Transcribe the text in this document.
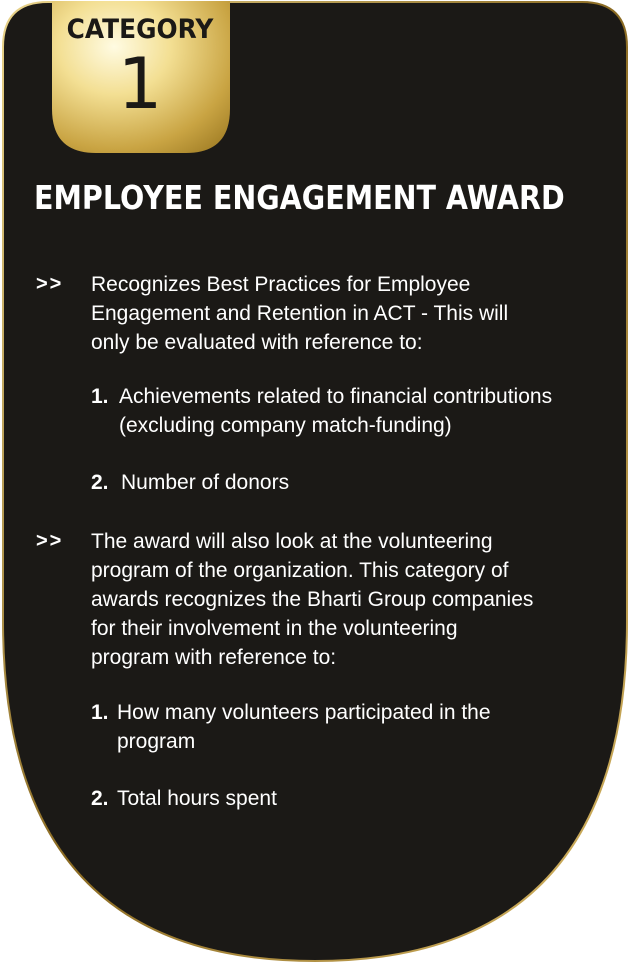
CATEGORY
1
EMPLOYEE ENGAGEMENT AWARD
>> Recognizes Best Practices for Employee
Engagement and Retention in ACT - This will
only be evaluated with reference to:
1. Achievements related to financial contributions
(excluding company match-funding)
2. Number of donors
>> The award will also look at the volunteering
program of the organization. This category of
awards recognizes the Bharti Group companies
for their involvement in the volunteering
program with reference to:
1. How many volunteers participated in the
program
2. Total hours spent
